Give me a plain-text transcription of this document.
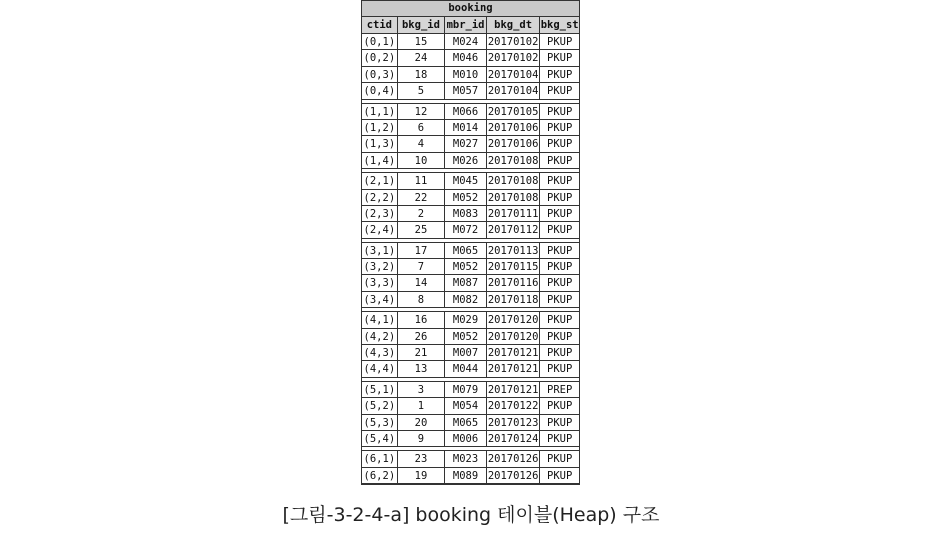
booking
ctid bkg_id mbr_id bkg_dt bkg_st
(0,1)	15	M024 20170102 PKUP
(0,2)	24	M046 20170102 PKUP
(0,3)	18	M010 20170104 PKUP
(0,4)	5	M057 20170104 PKUP
(1,1)	12	M066 20170105 PKUP
(1,2)	6	M014 20170106 PKUP
(1,3)	4	M027 20170106 PKUP
(1,4)	10	M026 20170108 PKUP
(2,1)	11	M045 20170108 PKUP
(2,2)	22	M052 20170108 PKUP
(2,3)	2	M083 20170111 PKUP
(2,4)	25	M072 20170112 PKUP
(3,1)	17	M065 20170113 PKUP
(3,2)	7	M052 20170115 PKUP
(3,3)	14	M087 20170116 PKUP
(3,4)	8	M082 20170118 PKUP
(4,1)	16	M029 20170120 PKUP
(4,2)	26	M052 20170120 PKUP
(4,3)	21	M007 20170121 PKUP
(4,4)	13	M044 20170121 PKUP
(5,1)	3	M079 20170121 PREP
(5,2)	1	M054 20170122 PKUP
(5,3)	20	M065 20170123 PKUP
(5,4)	9	M006 20170124 PKUP
(6,1)	23	M023 20170126 PKUP
(6,2)	19	M089 20170126 PKUP
[그림-3-2-4-a] booking 테이블(Heap) 구조
